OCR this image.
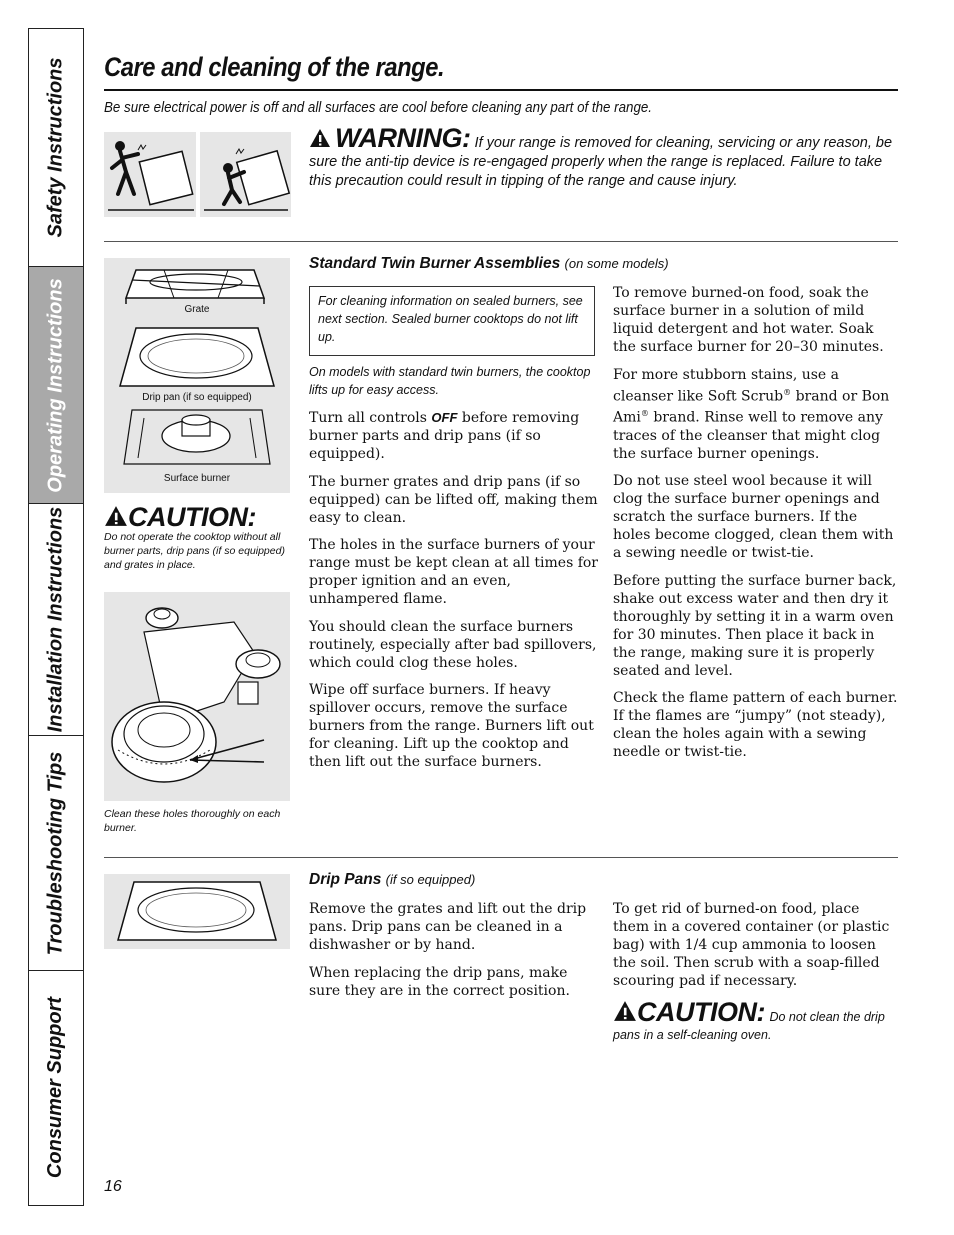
Safety Instructions
Operating Instructions
Installation Instructions
Troubleshooting Tips
Consumer Support
Care and cleaning of the range.
Be sure electrical power is off and all surfaces are cool before cleaning any part of the range.
WARNING: If your range is removed for cleaning, servicing or any reason, be sure the anti-tip device is re-engaged properly when the range is replaced. Failure to take this precaution could result in tipping of the range and cause injury.
Grate
Drip pan (if so equipped)
Surface burner
CAUTION:
Do not operate the cooktop without all burner parts, drip pans (if so equipped) and grates in place.
Clean these holes thoroughly on each burner.
Standard Twin Burner Assemblies (on some models)
For cleaning information on sealed burners, see next section. Sealed burner cooktops do not lift up.

On models with standard twin burners, the cooktop lifts up for easy access.

Turn all controls OFF before removing burner parts and drip pans (if so equipped).

The burner grates and drip pans (if so equipped) can be lifted off, making them easy to clean.

The holes in the surface burners of your range must be kept clean at all times for proper ignition and an even, unhampered flame.

You should clean the surface burners routinely, especially after bad spillovers, which could clog these holes.

Wipe off surface burners. If heavy spillover occurs, remove the surface burners from the range. Burners lift out for cleaning. Lift up the cooktop and then lift out the surface burners.

To remove burned-on food, soak the surface burner in a solution of mild liquid detergent and hot water. Soak the surface burner for 20–30 minutes.

For more stubborn stains, use a cleanser like Soft Scrub® brand or Bon Ami® brand. Rinse well to remove any traces of the cleanser that might clog the surface burner openings.

Do not use steel wool because it will clog the surface burner openings and scratch the surface burners. If the holes become clogged, clean them with a sewing needle or twist-tie.

Before putting the surface burner back, shake out excess water and then dry it thoroughly by setting it in a warm oven for 30 minutes. Then place it back in the range, making sure it is properly seated and level.

Check the flame pattern of each burner. If the flames are “jumpy” (not steady), clean the holes again with a sewing needle or twist-tie.

Drip Pans (if so equipped)

Remove the grates and lift out the drip pans. Drip pans can be cleaned in a dishwasher or by hand.

When replacing the drip pans, make sure they are in the correct position.

To get rid of burned-on food, place them in a covered container (or plastic bag) with 1/4 cup ammonia to loosen the soil. Then scrub with a soap-filled scouring pad if necessary.

CAUTION: Do not clean the drip pans in a self-cleaning oven.
16
